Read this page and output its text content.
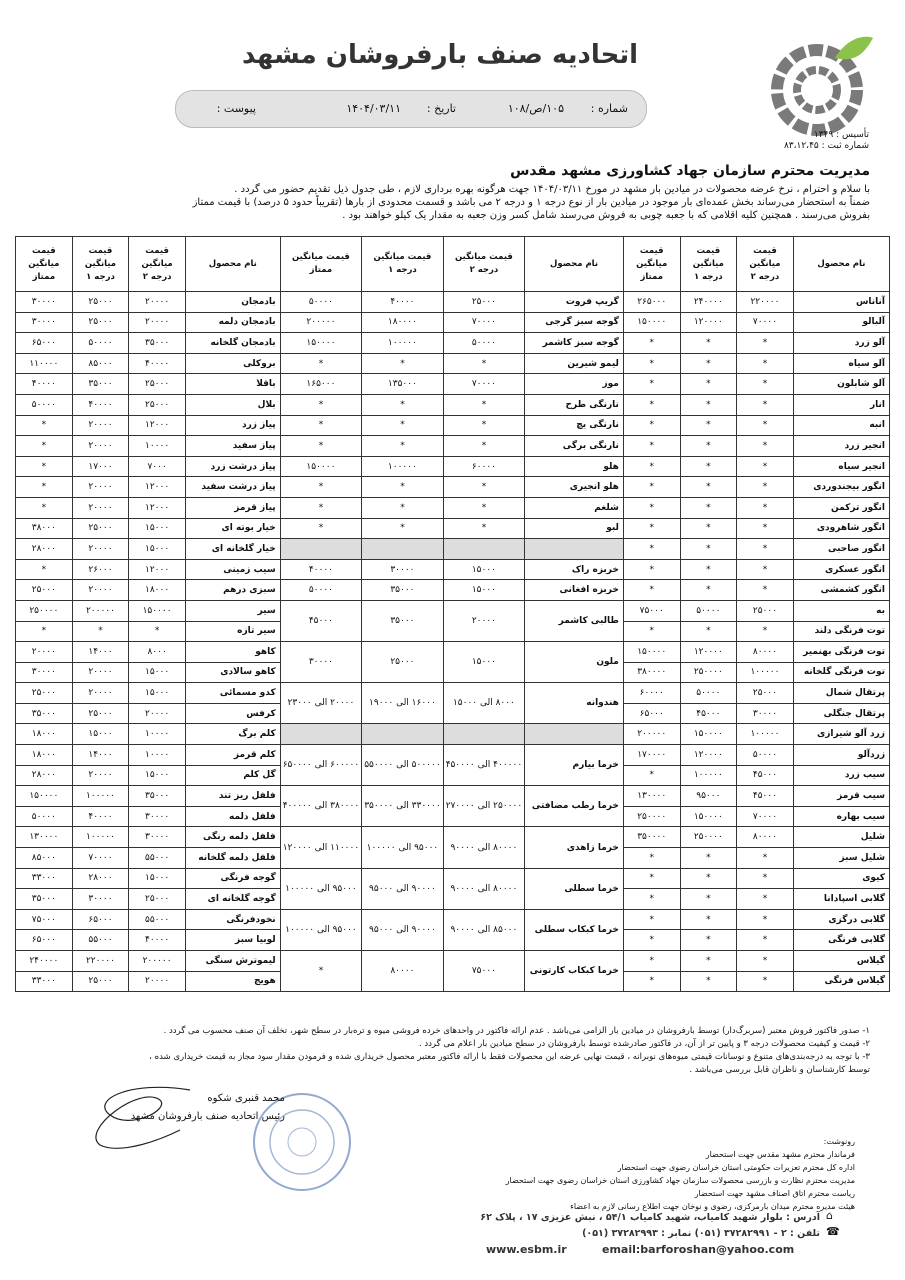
اتحادیه صنف بارفروشان مشهد
تأسیس : ۱۳۴۹
شماره ثبت : ۸۳،۱۲،۴۵
شماره :
۱۰۵/ص/۱۰۸
تاریخ :
۱۴۰۴/۰۳/۱۱
پیوست :
مدیریت محترم سازمان جهاد کشاورزی مشهد مقدس
با سلام و احترام ، نرخ عرضه محصولات در میادین بار مشهد در مورخ ۱۴۰۴/۰۳/۱۱ جهت هرگونه بهره برداری لازم ، طی جدول ذیل تقدیم حضور می گردد .
ضمناً به استحضار می‌رساند بخش عمده‌ای بار موجود در میادین بار از نوع درجه ۱ و درجه ۲ می باشد و قسمت محدودی از بارها (تقریباً حدود ۵ درصد) با قیمت ممتاز
بفروش می‌رسند . همچنین کلیه اقلامی که با جعبه چوبی به فروش می‌رسند شامل کسر وزن جعبه به مقدار یک کیلو خواهند بود .
نام محصول	قیمت میانگین درجه ۲	قیمت میانگین درجه ۱	قیمت میانگین ممتاز	نام محصول	قیمت میانگین درجه ۲	قیمت میانگین درجه ۱	قیمت میانگین ممتاز	نام محصول	قیمت میانگین درجه ۲	قیمت میانگین درجه ۱	قیمت میانگین ممتاز
آناناس	۲۲۰۰۰۰	۲۴۰۰۰۰	۲۶۵۰۰۰	گریپ فروت	۲۵۰۰۰	۴۰۰۰۰	۵۰۰۰۰	بادمجان	۲۰۰۰۰	۲۵۰۰۰	۳۰۰۰۰
آلبالو	۷۰۰۰۰	۱۲۰۰۰۰	۱۵۰۰۰۰	گوجه سبز گرجی	۷۰۰۰۰	۱۸۰۰۰۰	۲۰۰۰۰۰	بادمجان دلمه	۲۰۰۰۰	۲۵۰۰۰	۳۰۰۰۰
آلو زرد	*	*	*	گوجه سبز کاشمر	۵۰۰۰۰	۱۰۰۰۰۰	۱۵۰۰۰۰	بادمجان گلخانه	۳۵۰۰۰	۵۰۰۰۰	۶۵۰۰۰
آلو سیاه	*	*	*	لیمو شیرین	*	*	*	بروکلی	۴۰۰۰۰	۸۵۰۰۰	۱۱۰۰۰۰
آلو شابلون	*	*	*	موز	۷۰۰۰۰	۱۳۵۰۰۰	۱۶۵۰۰۰	باقلا	۲۵۰۰۰	۳۵۰۰۰	۴۰۰۰۰
انار	*	*	*	نارنگی طرح	*	*	*	بلال	۲۵۰۰۰	۴۰۰۰۰	۵۰۰۰۰
انبه	*	*	*	نارنگی یچ	*	*	*	پیاز زرد	۱۲۰۰۰	۲۰۰۰۰	*
انجیر زرد	*	*	*	نارنگی برگی	*	*	*	پیاز سفید	۱۰۰۰۰	۲۰۰۰۰	*
انجیر سیاه	*	*	*	هلو	۶۰۰۰۰	۱۰۰۰۰۰	۱۵۰۰۰۰	پیاز درشت زرد	۷۰۰۰	۱۷۰۰۰	*
انگور بیجندوردی	*	*	*	هلو انجیری	*	*	*	پیاز درشت سفید	۱۲۰۰۰	۲۰۰۰۰	*
انگور ترکمن	*	*	*	شلغم	*	*	*	پیاز قرمز	۱۲۰۰۰	۲۰۰۰۰	*
انگور شاهرودی	*	*	*	لبو	*	*	*	خیار بوته ای	۱۵۰۰۰	۲۵۰۰۰	۳۸۰۰۰
انگور صاحبی	*	*	*					خیار گلخانه ای	۱۵۰۰۰	۲۰۰۰۰	۲۸۰۰۰
انگور عسکری	*	*	*	خربزه راک	۱۵۰۰۰	۳۰۰۰۰	۴۰۰۰۰	سیب زمینی	۱۲۰۰۰	۲۶۰۰۰	*
انگور کشمشی	*	*	*	خربزه افغانی	۱۵۰۰۰	۳۵۰۰۰	۵۰۰۰۰	سبزی درهم	۱۸۰۰۰	۲۰۰۰۰	۲۵۰۰۰
به	۲۵۰۰۰	۵۰۰۰۰	۷۵۰۰۰	طالبی کاشمر	۲۰۰۰۰	۳۵۰۰۰	۴۵۰۰۰	سیر	۱۵۰۰۰۰	۲۰۰۰۰۰	۲۵۰۰۰۰
توت فرنگی دلند	*	*	*					سیر تازه	*	*	*
توت فرنگی بهنمیر	۸۰۰۰۰	۱۲۰۰۰۰	۱۵۰۰۰۰	ملون	۱۵۰۰۰	۲۵۰۰۰	۳۰۰۰۰	کاهو	۸۰۰۰	۱۴۰۰۰	۲۰۰۰۰
توت فرنگی گلخانه	۱۰۰۰۰۰	۲۵۰۰۰۰	۳۸۰۰۰۰					کاهو سالادی	۱۵۰۰۰	۲۰۰۰۰	۳۰۰۰۰
پرتقال شمال	۲۵۰۰۰	۵۰۰۰۰	۶۰۰۰۰	هندوانه	۸۰۰۰ الی ۱۵۰۰۰	۱۶۰۰۰ الی ۱۹۰۰۰	۲۰۰۰۰ الی ۲۳۰۰۰	کدو مسمائی	۱۵۰۰۰	۲۰۰۰۰	۲۵۰۰۰
پرتقال جنگلی	۳۰۰۰۰	۴۵۰۰۰	۶۵۰۰۰					کرفس	۲۰۰۰۰	۲۵۰۰۰	۳۵۰۰۰
زرد آلو شیرازی	۱۰۰۰۰۰	۱۵۰۰۰۰	۲۰۰۰۰۰					کلم برگ	۱۰۰۰۰	۱۵۰۰۰	۱۸۰۰۰
زردآلو	۵۰۰۰۰	۱۲۰۰۰۰	۱۷۰۰۰۰	خرما بیارم	۴۰۰۰۰۰ الی ۴۵۰۰۰۰	۵۰۰۰۰۰ الی ۵۵۰۰۰۰	۶۰۰۰۰۰ الی ۶۵۰۰۰۰	کلم قرمز	۱۰۰۰۰	۱۴۰۰۰	۱۸۰۰۰
سیب زرد	۴۵۰۰۰	۱۰۰۰۰۰	*					گل کلم	۱۵۰۰۰	۲۰۰۰۰	۲۸۰۰۰
سیب قرمز	۴۵۰۰۰	۹۵۰۰۰	۱۳۰۰۰۰	خرما رطب مضافتی	۲۵۰۰۰۰ الی ۲۷۰۰۰۰	۳۳۰۰۰۰ الی ۳۵۰۰۰۰	۳۸۰۰۰۰ الی ۴۰۰۰۰۰	فلفل ریز تند	۳۵۰۰۰	۱۰۰۰۰۰	۱۵۰۰۰۰
سیب بهاره	۷۰۰۰۰	۱۵۰۰۰۰	۲۵۰۰۰۰					فلفل دلمه	۳۰۰۰۰	۴۰۰۰۰	۵۰۰۰۰
شلیل	۸۰۰۰۰	۲۵۰۰۰۰	۳۵۰۰۰۰	خرما زاهدی	۸۰۰۰۰ الی ۹۰۰۰۰	۹۵۰۰۰ الی ۱۰۰۰۰۰	۱۱۰۰۰۰ الی ۱۲۰۰۰۰	فلفل دلمه رنگی	۳۰۰۰۰	۱۰۰۰۰۰	۱۳۰۰۰۰
شلیل سبز	*	*	*					فلفل دلمه گلخانه	۵۵۰۰۰	۷۰۰۰۰	۸۵۰۰۰
کیوی	*	*	*	خرما سطلی	۸۰۰۰۰ الی ۹۰۰۰۰	۹۰۰۰۰ الی ۹۵۰۰۰	۹۵۰۰۰ الی ۱۰۰۰۰۰	گوجه فرنگی	۱۵۰۰۰	۲۸۰۰۰	۳۳۰۰۰
گلابی اسپادانا	*	*	*					گوجه گلخانه ای	۲۵۰۰۰	۳۰۰۰۰	۳۵۰۰۰
گلابی درگزی	*	*	*	خرما کبکاب سطلی	۸۵۰۰۰ الی ۹۰۰۰۰	۹۰۰۰۰ الی ۹۵۰۰۰	۹۵۰۰۰ الی ۱۰۰۰۰۰	نخودفرنگی	۵۵۰۰۰	۶۵۰۰۰	۷۵۰۰۰
گلابی فرنگی	*	*	*					لوبیا سبز	۴۰۰۰۰	۵۵۰۰۰	۶۵۰۰۰
گیلاس	*	*	*	خرما کبکاب کارتونی	۷۵۰۰۰	۸۰۰۰۰	*	لیموترش سنگی	۲۰۰۰۰۰	۲۲۰۰۰۰	۲۴۰۰۰۰
گیلاس فرنگی	*	*	*					هویج	۲۰۰۰۰	۲۵۰۰۰	۳۳۰۰۰
۱- صدور فاکتور فروش معتبر (سربرگ‌دار) توسط بارفروشان در میادین بار الزامی می‌باشد . عدم ارائه فاکتور در واحدهای خرده فروشی میوه و تره‌بار در سطح شهر، تخلف آن صنف محسوب می گردد .
۲- قیمت و کیفیت محصولات درجه ۳ و پایین تر از آن، در فاکتور صادرشده توسط بارفروشان در سطح میادین بار اعلام می گردد .
۳- با توجه به درجه‌بندی‌های متنوع و نوسانات قیمتی میوه‌های نوبرانه ، قیمت نهایی عرضه این محصولات فقط با ارائه فاکتور معتبر محصول خریداری شده و فرمودن مقدار سود مجاز به قیمت خریداری شده ،
توسط کارشناسان و ناظران قابل بررسی می‌باشد .
محمد قنبری شکوه
رئیس اتحادیه صنف بارفروشان مشهد
رونوشت:
فرماندار محترم مشهد مقدس جهت استحضار
اداره کل محترم تعزیرات حکومتی استان خراسان رضوی جهت استحضار
مدیریت محترم نظارت و بازرسی محصولات سازمان جهاد کشاورزی استان خراسان رضوی جهت استحضار
ریاست محترم اتاق اصناف مشهد جهت استحضار
هیئت مدیره محترم میدان بارمرکزی، رضوی و نوخان جهت اطلاع رسانی لازم به اعضاء
آدرس : بلوار شهید کامیاب، شهید کامیاب ۵۴/۱ ، نبش عزیزی ۱۷ ، پلاک ۶۲
تلفن : ۲ - ۳۷۲۸۲۹۹۱ (۰۵۱) نمابر : ۳۷۲۸۲۹۹۳ (۰۵۱)
⌂
☎
www.esbm.ir	email:barforoshan@yahoo.com
